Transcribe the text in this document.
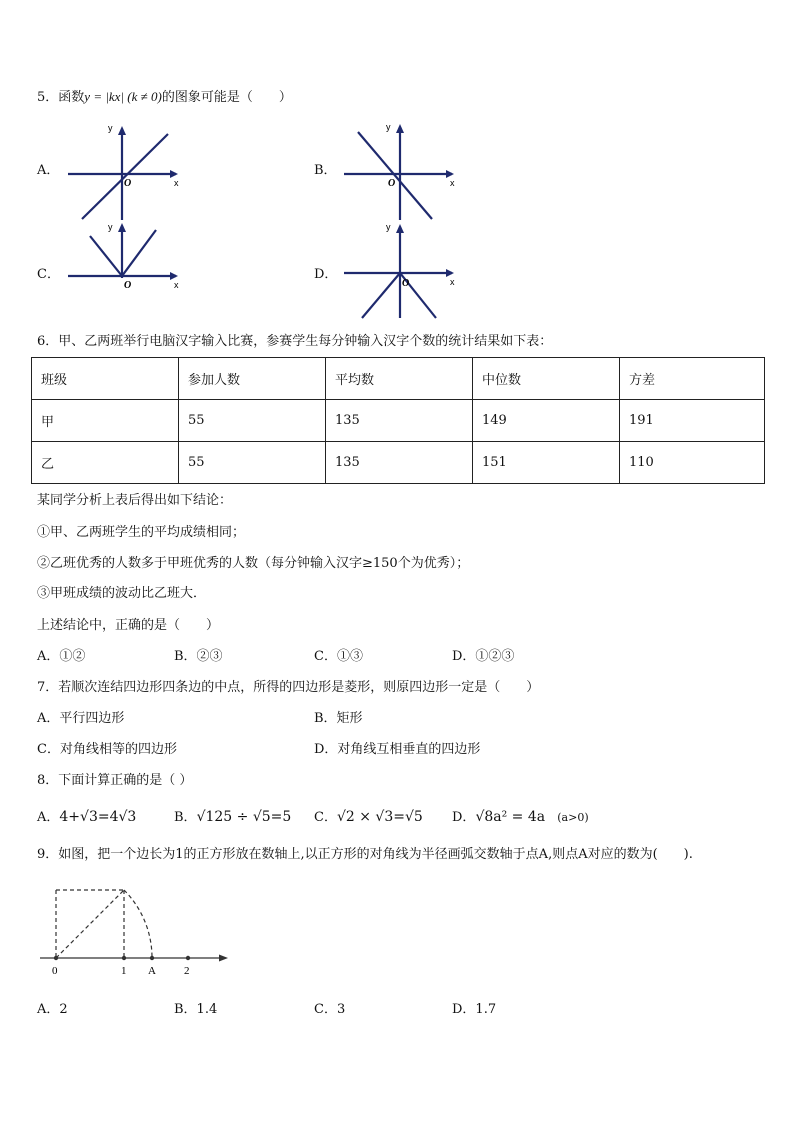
5．函数y = |kx| (k ≠ 0)的图象可能是（　　）
A．	B．
C．	D．
y
x
O
y
x
O
y
x
O
y
x
O
6．甲、乙两班举行电脑汉字输入比赛，参赛学生每分钟输入汉字个数的统计结果如下表：
班级	参加人数	平均数	中位数	方差
甲	55	135	149	191
乙	55	135	151	110
某同学分析上表后得出如下结论：
①甲、乙两班学生的平均成绩相同；
②乙班优秀的人数多于甲班优秀的人数（每分钟输入汉字≥150个为优秀）；
③甲班成绩的波动比乙班大．
上述结论中，正确的是（　　）
A．①②	B．②③	C．①③	D．①②③
7．若顺次连结四边形四条边的中点，所得的四边形是菱形，则原四边形一定是（　　）
A．平行四边形	B．矩形
C．对角线相等的四边形	D．对角线互相垂直的四边形
8．下面计算正确的是（ ）
A．4+√3=4√3	B．√125 ÷ √5=5 C．√2 × √3=√5 D．√8a² = 4a (a>0)
9．如图，把一个边长为1的正方形放在数轴上,以正方形的对角线为半径画弧交数轴于点A,则点A对应的数为(　　).
0	1 A	2
A．2	B．1.4	C．3	D．1.7
